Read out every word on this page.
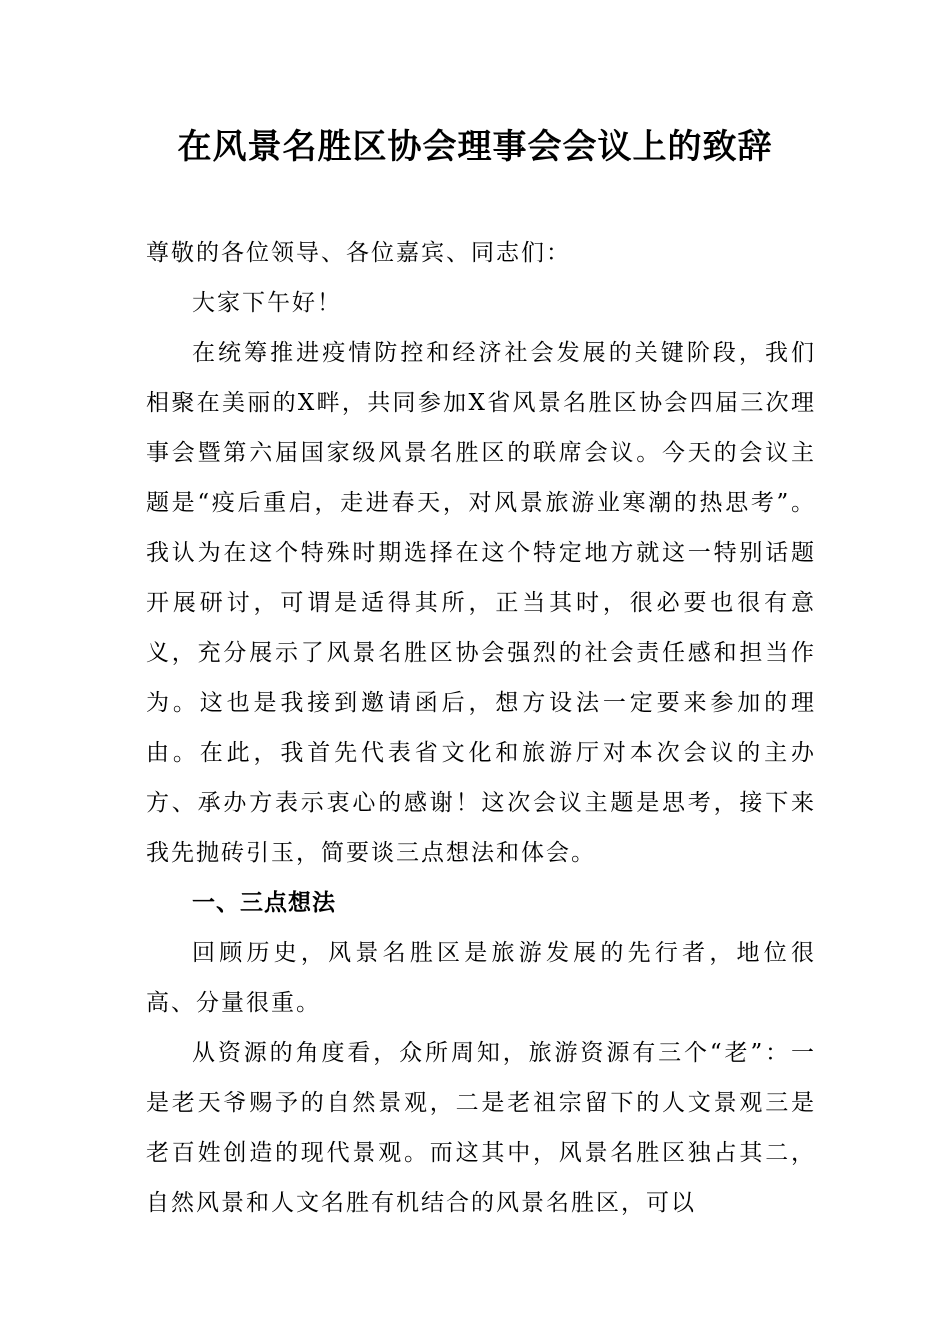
在风景名胜区协会理事会会议上的致辞

尊敬的各位领导、各位嘉宾、同志们：

大家下午好！

在统筹推进疫情防控和经济社会发展的关键阶段，我们相聚在美丽的X畔，共同参加X省风景名胜区协会四届三次理事会暨第六届国家级风景名胜区的联席会议。今天的会议主题是“疫后重启，走进春天，对风景旅游业寒潮的热思考”。我认为在这个特殊时期选择在这个特定地方就这一特别话题开展研讨，可谓是适得其所，正当其时，很必要也很有意义，充分展示了风景名胜区协会强烈的社会责任感和担当作为。这也是我接到邀请函后，想方设法一定要来参加的理由。在此，我首先代表省文化和旅游厅对本次会议的主办方、承办方表示衷心的感谢！这次会议主题是思考，接下来我先抛砖引玉，简要谈三点想法和体会。

一、三点想法

回顾历史，风景名胜区是旅游发展的先行者，地位很高、分量很重。

从资源的角度看，众所周知，旅游资源有三个“老”：一是老天爷赐予的自然景观，二是老祖宗留下的人文景观三是老百姓创造的现代景观。而这其中，风景名胜区独占其二，自然风景和人文名胜有机结合的风景名胜区，可以
